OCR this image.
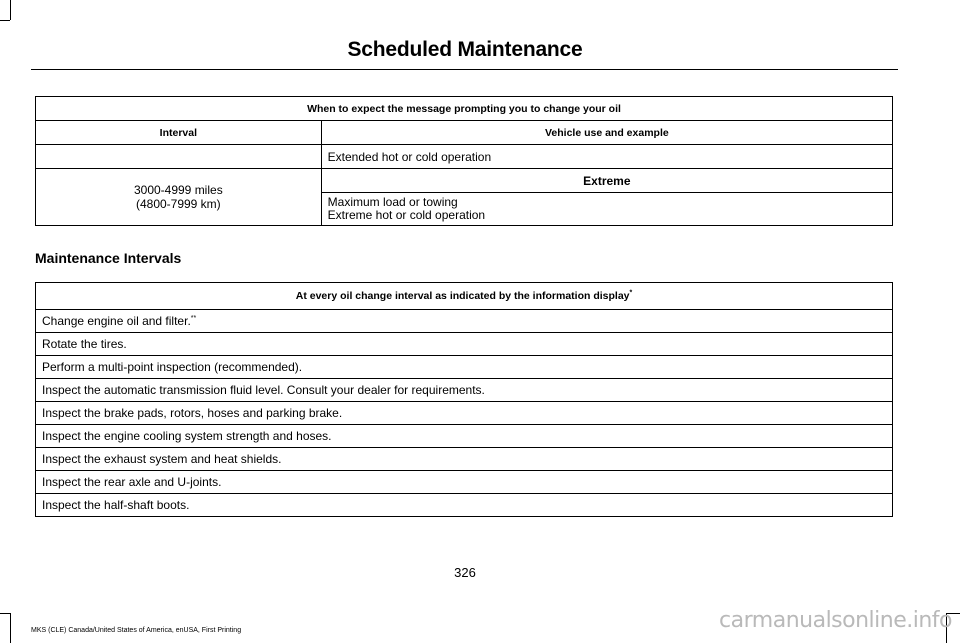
Scheduled Maintenance
When to expect the message prompting you to change your oil	
Interval	Vehicle use and example
	Extended hot or cold operation

3000-4999 miles
(4800-7999 km)	Extreme

	Maximum load or towing
Extreme hot or cold operation
Maintenance Intervals
At every oil change interval as indicated by the information display*
Change engine oil and filter.**
Rotate the tires.
Perform a multi-point inspection (recommended).
Inspect the automatic transmission fluid level. Consult your dealer for requirements.
Inspect the brake pads, rotors, hoses and parking brake.
Inspect the engine cooling system strength and hoses.
Inspect the exhaust system and heat shields.
Inspect the rear axle and U-joints.
Inspect the half-shaft boots.
326
MKS (CLE) Canada/United States of America, enUSA, First Printing	carmanualsonline.info
